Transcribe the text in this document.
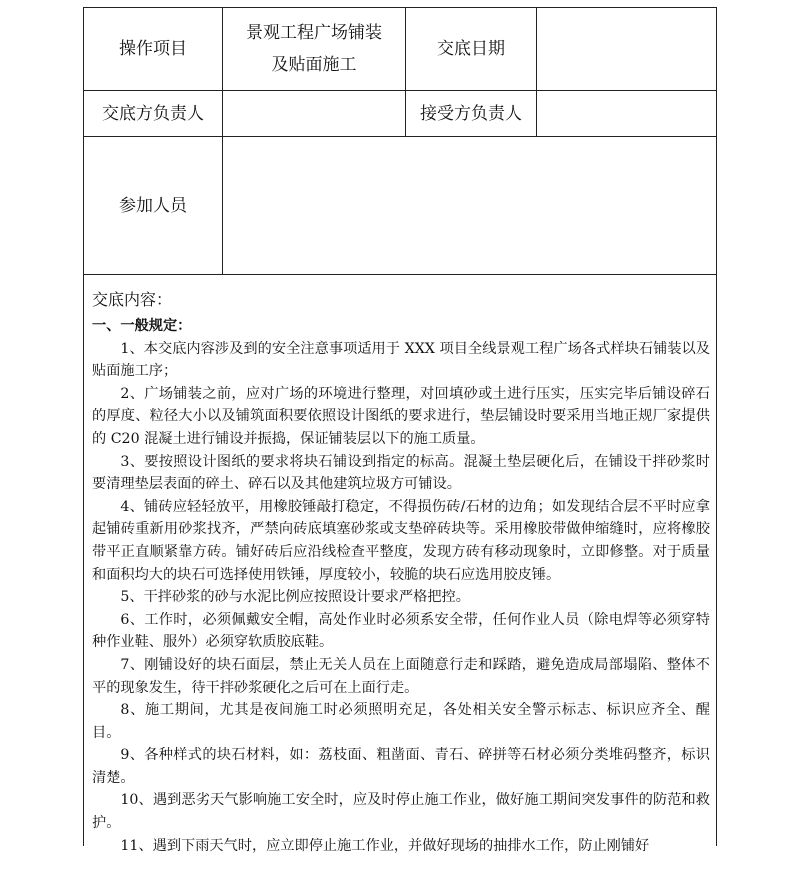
操作项目
景观工程广场铺装
及贴面施工
交底日期
交底方负责人	接受方负责人
参加人员

交底内容：

一、一般规定：

1、本交底内容涉及到的安全注意事项适用于 XXX 项目全线景观工程广场各式样块石铺装以及贴面施工序；

2、广场铺装之前，应对广场的环境进行整理，对回填砂或土进行压实，压实完毕后铺设碎石的厚度、粒径大小以及铺筑面积要依照设计图纸的要求进行，垫层铺设时要采用当地正规厂家提供的 C20 混凝土进行铺设并振捣，保证铺装层以下的施工质量。

3、要按照设计图纸的要求将块石铺设到指定的标高。混凝土垫层硬化后，在铺设干拌砂浆时要清理垫层表面的碎土、碎石以及其他建筑垃圾方可铺设。

4、铺砖应轻轻放平，用橡胶锤敲打稳定，不得损伤砖/石材的边角；如发现结合层不平时应拿起铺砖重新用砂浆找齐，严禁向砖底填塞砂浆或支垫碎砖块等。采用橡胶带做伸缩缝时，应将橡胶带平正直顺紧靠方砖。铺好砖后应沿线检查平整度，发现方砖有移动现象时，立即修整。对于质量和面积均大的块石可选择使用铁锤，厚度较小，较脆的块石应选用胶皮锤。

5、干拌砂浆的砂与水泥比例应按照设计要求严格把控。

6、工作时，必须佩戴安全帽，高处作业时必须系安全带，任何作业人员（除电焊等必须穿特种作业鞋、服外）必须穿软质胶底鞋。

7、刚铺设好的块石面层，禁止无关人员在上面随意行走和踩踏，避免造成局部塌陷、整体不平的现象发生，待干拌砂浆硬化之后可在上面行走。

8、施工期间，尤其是夜间施工时必须照明充足，各处相关安全警示标志、标识应齐全、醒目。

9、各种样式的块石材料，如：荔枝面、粗凿面、青石、碎拼等石材必须分类堆码整齐，标识清楚。

10、遇到恶劣天气影响施工安全时，应及时停止施工作业，做好施工期间突发事件的防范和救护。

11、遇到下雨天气时，应立即停止施工作业，并做好现场的抽排水工作，防止刚铺好
